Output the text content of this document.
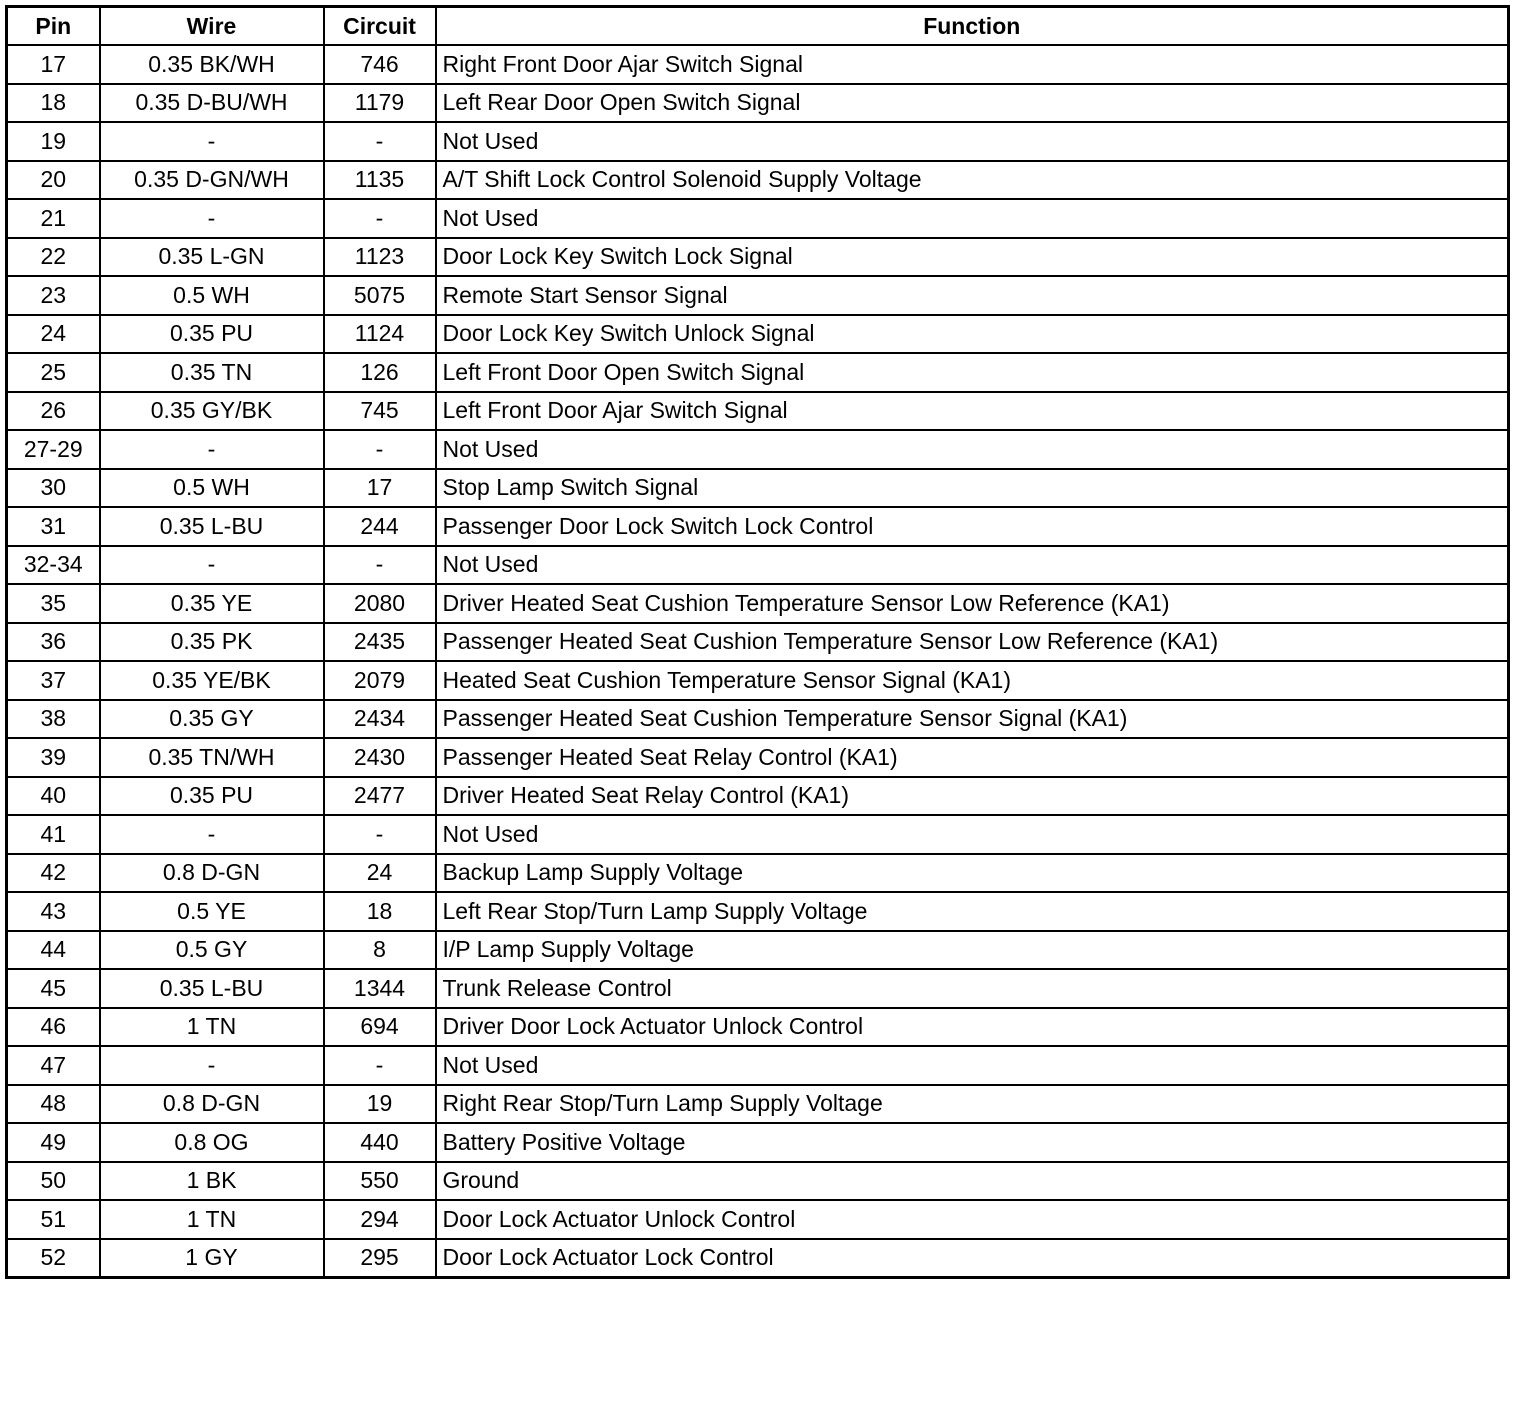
Pin	Wire	Circuit	Function
17	0.35 BK/WH	746	Right Front Door Ajar Switch Signal
18	0.35 D-BU/WH	1179	Left Rear Door Open Switch Signal
19	-	-	Not Used
20	0.35 D-GN/WH	1135	A/T Shift Lock Control Solenoid Supply Voltage
21	-	-	Not Used
22	0.35 L-GN	1123	Door Lock Key Switch Lock Signal
23	0.5 WH	5075	Remote Start Sensor Signal
24	0.35 PU	1124	Door Lock Key Switch Unlock Signal
25	0.35 TN	126	Left Front Door Open Switch Signal
26	0.35 GY/BK	745	Left Front Door Ajar Switch Signal
27-29	-	-	Not Used
30	0.5 WH	17	Stop Lamp Switch Signal
31	0.35 L-BU	244	Passenger Door Lock Switch Lock Control
32-34	-	-	Not Used
35	0.35 YE	2080	Driver Heated Seat Cushion Temperature Sensor Low Reference (KA1)
36	0.35 PK	2435	Passenger Heated Seat Cushion Temperature Sensor Low Reference (KA1)
37	0.35 YE/BK	2079	Heated Seat Cushion Temperature Sensor Signal (KA1)
38	0.35 GY	2434	Passenger Heated Seat Cushion Temperature Sensor Signal (KA1)
39	0.35 TN/WH	2430	Passenger Heated Seat Relay Control (KA1)
40	0.35 PU	2477	Driver Heated Seat Relay Control (KA1)
41	-	-	Not Used
42	0.8 D-GN	24	Backup Lamp Supply Voltage
43	0.5 YE	18	Left Rear Stop/Turn Lamp Supply Voltage
44	0.5 GY	8	I/P Lamp Supply Voltage
45	0.35 L-BU	1344	Trunk Release Control
46	1 TN	694	Driver Door Lock Actuator Unlock Control
47	-	-	Not Used
48	0.8 D-GN	19	Right Rear Stop/Turn Lamp Supply Voltage
49	0.8 OG	440	Battery Positive Voltage
50	1 BK	550	Ground
51	1 TN	294	Door Lock Actuator Unlock Control
52	1 GY	295	Door Lock Actuator Lock Control
